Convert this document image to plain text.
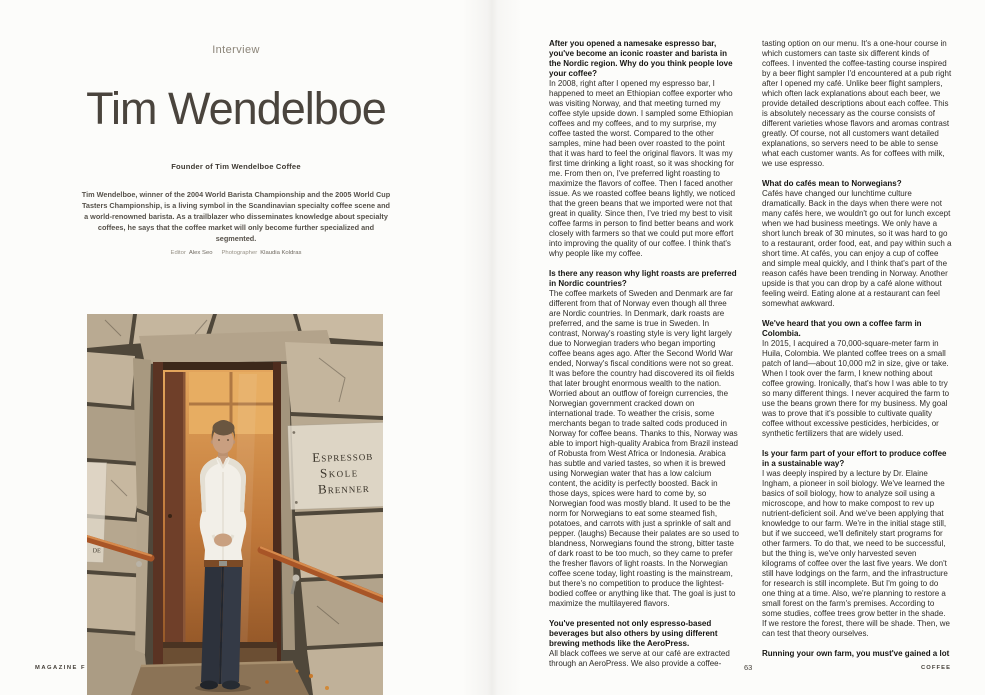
Interview
Tim Wendelboe
Founder of Tim Wendelboe Coffee

Tim Wendelboe, winner of the 2004 World Barista Championship and the 2005 World Cup Tasters Championship, is a living symbol in the Scandinavian specialty coffee scene and a world-renowned barista. As a trailblazer who disseminates knowledge about specialty coffees, he says that the coffee market will only become further specialized and segmented.

Editor Alex Seo Photographer Klaudia Koldras
de
Espressob
Skole
Brenner
MAGAZINE F

After you opened a namesake espresso bar, you've become an iconic roaster and barista in the Nordic region. Why do you think people love your coffee?

In 2008, right after I opened my espresso bar, I happened to meet an Ethiopian coffee exporter who was visiting Norway, and that meeting turned my coffee style upside down. I sampled some Ethiopian coffees and my coffees, and to my surprise, my coffee tasted the worst. Compared to the other samples, mine had been over roasted to the point that it was hard to feel the original flavors. It was my first time drinking a light roast, so it was shocking for me. From then on, I've preferred light roasting to maximize the flavors of coffee. Then I faced another issue. As we roasted coffee beans lightly, we noticed that the green beans that we imported were not that great in quality. Since then, I've tried my best to visit coffee farms in person to find better beans and work closely with farmers so that we could put more effort into improving the quality of our coffee. I think that's why people like my coffee.

Is there any reason why light roasts are preferred in Nordic countries?

The coffee markets of Sweden and Denmark are far different from that of Norway even though all three are Nordic countries. In Denmark, dark roasts are preferred, and the same is true in Sweden. In contrast, Norway's roasting style is very light largely due to Norwegian traders who began importing coffee beans ages ago. After the Second World War ended, Norway's fiscal conditions were not so great. It was before the country had discovered its oil fields that later brought enormous wealth to the nation. Worried about an outflow of foreign currencies, the Norwegian government cracked down on international trade. To weather the crisis, some merchants began to trade salted cods produced in Norway for coffee beans. Thanks to this, Norway was able to import high-quality Arabica from Brazil instead of Robusta from West Africa or Indonesia. Arabica has subtle and varied tastes, so when it is brewed using Norwegian water that has a low calcium content, the acidity is perfectly boosted. Back in those days, spices were hard to come by, so Norwegian food was mostly bland. It used to be the norm for Norwegians to eat some steamed fish, potatoes, and carrots with just a sprinkle of salt and pepper. (laughs) Because their palates are so used to blandness, Norwegians found the strong, bitter taste of dark roast to be too much, so they came to prefer the fresher flavors of light roasts. In the Norwegian coffee scene today, light roasting is the mainstream, but there's no competition to produce the lightest-bodied coffee or anything like that. The goal is just to maximize the multilayered flavors.

You've presented not only espresso-based beverages but also others by using different brewing methods like the AeroPress.

All black coffees we serve at our café are extracted through an AeroPress. We also provide a coffee-

tasting option on our menu. It's a one-hour course in which customers can taste six different kinds of coffees. I invented the coffee-tasting course inspired by a beer flight sampler I'd encountered at a pub right after I opened my café. Unlike beer flight samplers, which often lack explanations about each beer, we provide detailed descriptions about each coffee. This is absolutely necessary as the course consists of different varieties whose flavors and aromas contrast greatly. Of course, not all customers want detailed explanations, so servers need to be able to sense what each customer wants. As for coffees with milk, we use espresso.

What do cafés mean to Norwegians?

Cafés have changed our lunchtime culture dramatically. Back in the days when there were not many cafés here, we wouldn't go out for lunch except when we had business meetings. We only have a short lunch break of 30 minutes, so it was hard to go to a restaurant, order food, eat, and pay within such a short time. At cafés, you can enjoy a cup of coffee and simple meal quickly, and I think that's part of the reason cafés have been trending in Norway. Another upside is that you can drop by a café alone without feeling weird. Eating alone at a restaurant can feel somewhat awkward.

We've heard that you own a coffee farm in Colombia.

In 2015, I acquired a 70,000-square-meter farm in Huila, Colombia. We planted coffee trees on a small patch of land—about 10,000 m2 in size, give or take. When I took over the farm, I knew nothing about coffee growing. Ironically, that's how I was able to try so many different things. I never acquired the farm to use the beans grown there for my business. My goal was to prove that it's possible to cultivate quality coffee without excessive pesticides, herbicides, or synthetic fertilizers that are widely used.

Is your farm part of your effort to produce coffee in a sustainable way?

I was deeply inspired by a lecture by Dr. Elaine Ingham, a pioneer in soil biology. We've learned the basics of soil biology, how to analyze soil using a microscope, and how to make compost to rev up nutrient-deficient soil. And we've been applying that knowledge to our farm. We're in the initial stage still, but if we succeed, we'll definitely start programs for other farmers. To do that, we need to be successful, but the thing is, we've only harvested seven kilograms of coffee over the last five years. We don't still have lodgings on the farm, and the infrastructure for research is still incomplete. But I'm going to do one thing at a time. Also, we're planning to restore a small forest on the farm's premises. According to some studies, coffee trees grow better in the shade. If we restore the forest, there will be shade. Then, we can test that theory ourselves.

Running your own farm, you must've gained a lot

63	COFFEE
